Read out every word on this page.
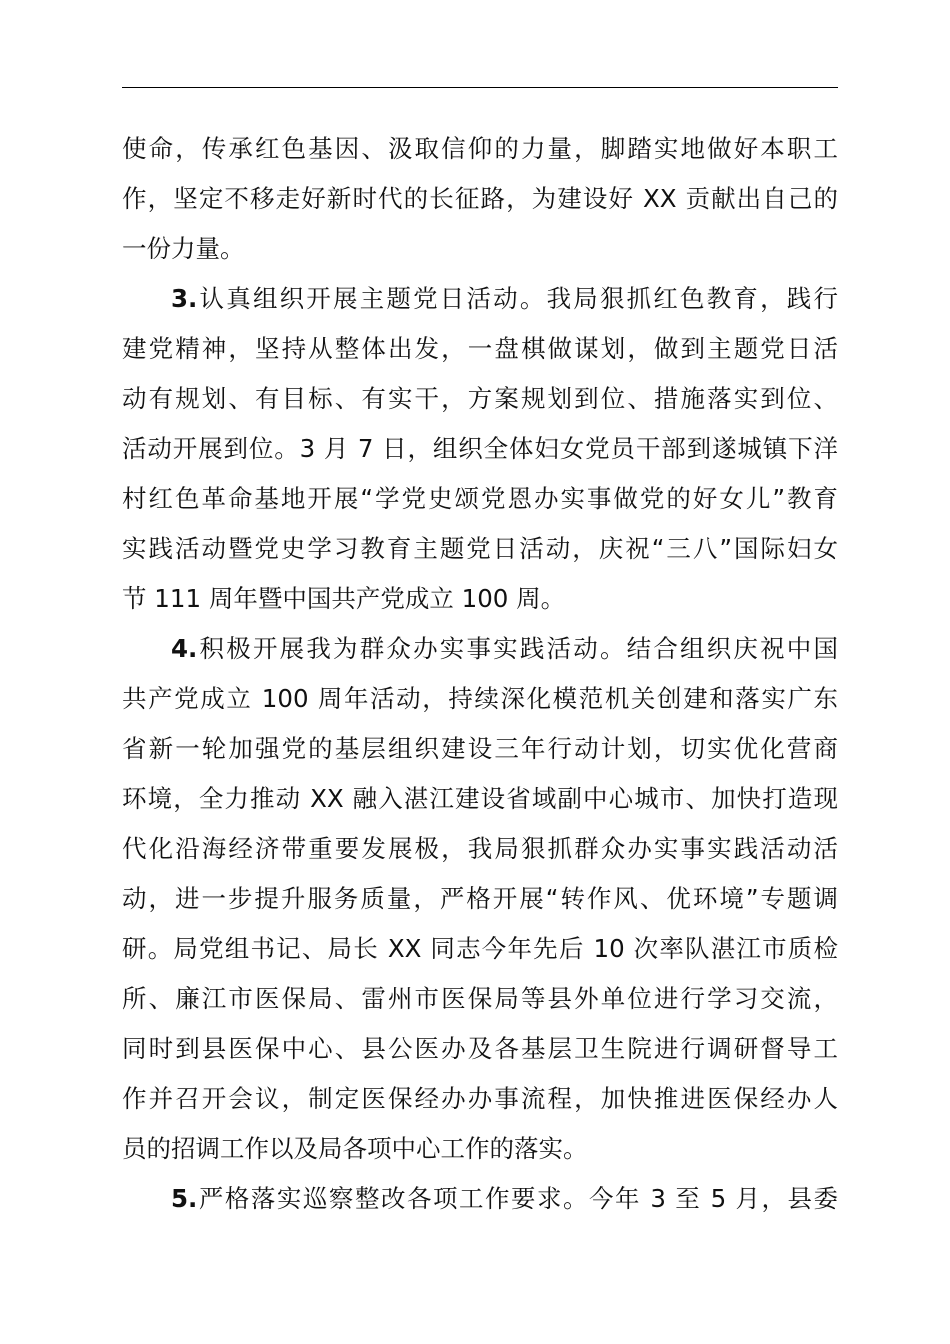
使命，传承红色基因、汲取信仰的力量，脚踏实地做好本职工
作，坚定不移走好新时代的长征路，为建设好 XX 贡献出自己的
一份力量。
3.认真组织开展主题党日活动。我局狠抓红色教育，践行
建党精神，坚持从整体出发，一盘棋做谋划，做到主题党日活
动有规划、有目标、有实干，方案规划到位、措施落实到位、
活动开展到位。3 月 7 日，组织全体妇女党员干部到遂城镇下洋
村红色革命基地开展“学党史颂党恩办实事做党的好女儿”教育
实践活动暨党史学习教育主题党日活动，庆祝“三八”国际妇女
节 111 周年暨中国共产党成立 100 周。
4.积极开展我为群众办实事实践活动。结合组织庆祝中国
共产党成立 100 周年活动，持续深化模范机关创建和落实广东
省新一轮加强党的基层组织建设三年行动计划，切实优化营商
环境，全力推动 XX 融入湛江建设省域副中心城市、加快打造现
代化沿海经济带重要发展极，我局狠抓群众办实事实践活动活
动，进一步提升服务质量，严格开展“转作风、优环境”专题调
研。局党组书记、局长 XX 同志今年先后 10 次率队湛江市质检
所、廉江市医保局、雷州市医保局等县外单位进行学习交流，
同时到县医保中心、县公医办及各基层卫生院进行调研督导工
作并召开会议，制定医保经办办事流程，加快推进医保经办人
员的招调工作以及局各项中心工作的落实。
5.严格落实巡察整改各项工作要求。今年 3 至 5 月，县委
